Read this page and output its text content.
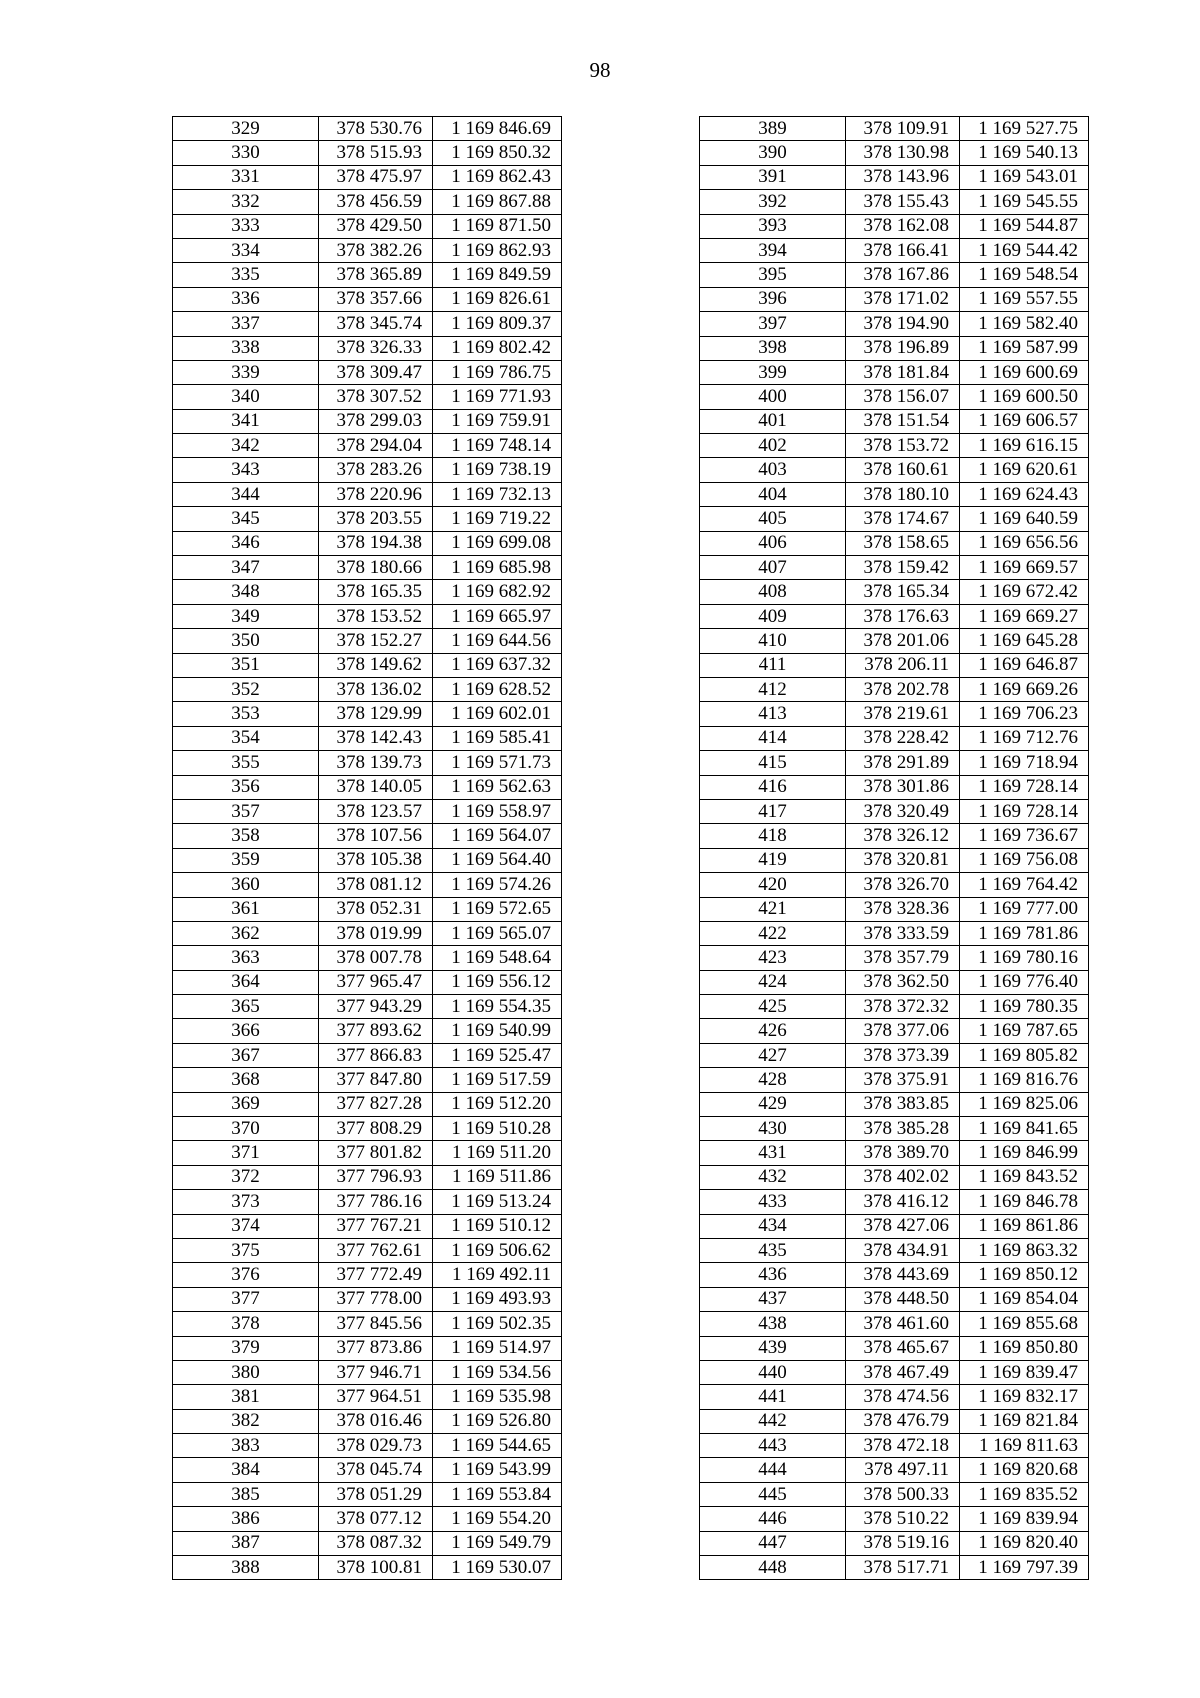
98
329	378 530.76	1 169 846.69
330	378 515.93	1 169 850.32
331	378 475.97	1 169 862.43
332	378 456.59	1 169 867.88
333	378 429.50	1 169 871.50
334	378 382.26	1 169 862.93
335	378 365.89	1 169 849.59
336	378 357.66	1 169 826.61
337	378 345.74	1 169 809.37
338	378 326.33	1 169 802.42
339	378 309.47	1 169 786.75
340	378 307.52	1 169 771.93
341	378 299.03	1 169 759.91
342	378 294.04	1 169 748.14
343	378 283.26	1 169 738.19
344	378 220.96	1 169 732.13
345	378 203.55	1 169 719.22
346	378 194.38	1 169 699.08
347	378 180.66	1 169 685.98
348	378 165.35	1 169 682.92
349	378 153.52	1 169 665.97
350	378 152.27	1 169 644.56
351	378 149.62	1 169 637.32
352	378 136.02	1 169 628.52
353	378 129.99	1 169 602.01
354	378 142.43	1 169 585.41
355	378 139.73	1 169 571.73
356	378 140.05	1 169 562.63
357	378 123.57	1 169 558.97
358	378 107.56	1 169 564.07
359	378 105.38	1 169 564.40
360	378 081.12	1 169 574.26
361	378 052.31	1 169 572.65
362	378 019.99	1 169 565.07
363	378 007.78	1 169 548.64
364	377 965.47	1 169 556.12
365	377 943.29	1 169 554.35
366	377 893.62	1 169 540.99
367	377 866.83	1 169 525.47
368	377 847.80	1 169 517.59
369	377 827.28	1 169 512.20
370	377 808.29	1 169 510.28
371	377 801.82	1 169 511.20
372	377 796.93	1 169 511.86
373	377 786.16	1 169 513.24
374	377 767.21	1 169 510.12
375	377 762.61	1 169 506.62
376	377 772.49	1 169 492.11
377	377 778.00	1 169 493.93
378	377 845.56	1 169 502.35
379	377 873.86	1 169 514.97
380	377 946.71	1 169 534.56
381	377 964.51	1 169 535.98
382	378 016.46	1 169 526.80
383	378 029.73	1 169 544.65
384	378 045.74	1 169 543.99
385	378 051.29	1 169 553.84
386	378 077.12	1 169 554.20
387	378 087.32	1 169 549.79
388	378 100.81	1 169 530.07
389	378 109.91	1 169 527.75
390	378 130.98	1 169 540.13
391	378 143.96	1 169 543.01
392	378 155.43	1 169 545.55
393	378 162.08	1 169 544.87
394	378 166.41	1 169 544.42
395	378 167.86	1 169 548.54
396	378 171.02	1 169 557.55
397	378 194.90	1 169 582.40
398	378 196.89	1 169 587.99
399	378 181.84	1 169 600.69
400	378 156.07	1 169 600.50
401	378 151.54	1 169 606.57
402	378 153.72	1 169 616.15
403	378 160.61	1 169 620.61
404	378 180.10	1 169 624.43
405	378 174.67	1 169 640.59
406	378 158.65	1 169 656.56
407	378 159.42	1 169 669.57
408	378 165.34	1 169 672.42
409	378 176.63	1 169 669.27
410	378 201.06	1 169 645.28
411	378 206.11	1 169 646.87
412	378 202.78	1 169 669.26
413	378 219.61	1 169 706.23
414	378 228.42	1 169 712.76
415	378 291.89	1 169 718.94
416	378 301.86	1 169 728.14
417	378 320.49	1 169 728.14
418	378 326.12	1 169 736.67
419	378 320.81	1 169 756.08
420	378 326.70	1 169 764.42
421	378 328.36	1 169 777.00
422	378 333.59	1 169 781.86
423	378 357.79	1 169 780.16
424	378 362.50	1 169 776.40
425	378 372.32	1 169 780.35
426	378 377.06	1 169 787.65
427	378 373.39	1 169 805.82
428	378 375.91	1 169 816.76
429	378 383.85	1 169 825.06
430	378 385.28	1 169 841.65
431	378 389.70	1 169 846.99
432	378 402.02	1 169 843.52
433	378 416.12	1 169 846.78
434	378 427.06	1 169 861.86
435	378 434.91	1 169 863.32
436	378 443.69	1 169 850.12
437	378 448.50	1 169 854.04
438	378 461.60	1 169 855.68
439	378 465.67	1 169 850.80
440	378 467.49	1 169 839.47
441	378 474.56	1 169 832.17
442	378 476.79	1 169 821.84
443	378 472.18	1 169 811.63
444	378 497.11	1 169 820.68
445	378 500.33	1 169 835.52
446	378 510.22	1 169 839.94
447	378 519.16	1 169 820.40
448	378 517.71	1 169 797.39
